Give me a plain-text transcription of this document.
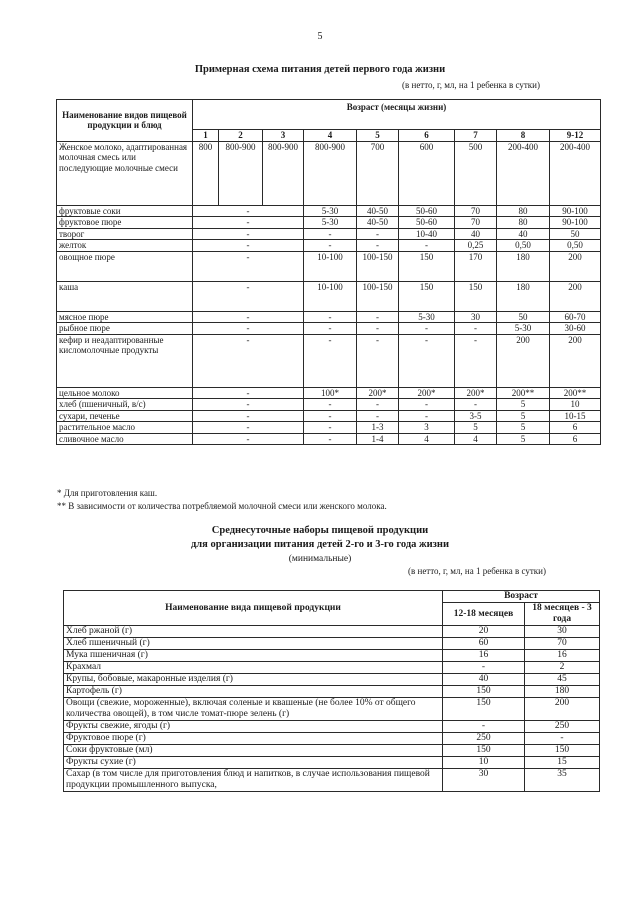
5
Примерная схема питания детей первого года жизни
(в нетто, г, мл, на 1 ребенка в сутки)
Наименование видов пищевой продукции и блюд	Возраст (месяцы жизни)								
	1	2	3	4	5	6	7	8	9-12
Женское молоко, адаптированная молочная смесь или последующие молочные смеси	800	800-900	800-900	800-900	700	600	500	200-400	200-400
фруктовые соки	-			5-30	40-50	50-60	70	80	90-100
фруктовое пюре	-			5-30	40-50	50-60	70	80	90-100
творог	-			-	-	10-40	40	40	50
желток	-			-	-	-	0,25	0,50	0,50
овощное пюре	-			10-100	100-150	150	170	180	200
каша	-			10-100	100-150	150	150	180	200
мясное пюре	-			-	-	5-30	30	50	60-70
рыбное пюре	-			-	-	-	-	5-30	30-60
кефир и неадаптированные кисломолочные продукты	-			-	-	-	-	200	200
цельное молоко	-			100*	200*	200*	200*	200**	200**
хлеб (пшеничный, в/с)	-			-	-	-	-	5	10
сухари, печенье	-			-	-	-	3-5	5	10-15
растительное масло	-			-	1-3	3	5	5	6
сливочное масло	-			-	1-4	4	4	5	6
* Для приготовления каш.
** В зависимости от количества потребляемой молочной смеси или женского молока.
Среднесуточные наборы пищевой продукции
для организации питания детей 2-го и 3-го года жизни
(минимальные)
(в нетто, г, мл, на 1 ребенка в сутки)
Наименование вида пищевой продукции	Возраст	
	12-18 месяцев	18 месяцев - 3 года
Хлеб ржаной (г)	20	30
Хлеб пшеничный (г)	60	70
Мука пшеничная (г)	16	16
Крахмал	-	2
Крупы, бобовые, макаронные изделия (г)	40	45
Картофель (г)	150	180
Овощи (свежие, мороженные), включая соленые и квашеные (не более 10% от общего количества овощей), в том числе томат-пюре зелень (г)	150	200
Фрукты свежие, ягоды (г)	-	250
Фруктовое пюре (г)	250	-
Соки фруктовые (мл)	150	150
Фрукты сухие (г)	10	15
Сахар (в том числе для приготовления блюд и напитков, в случае использования пищевой продукции промышленного выпуска,	30	35
